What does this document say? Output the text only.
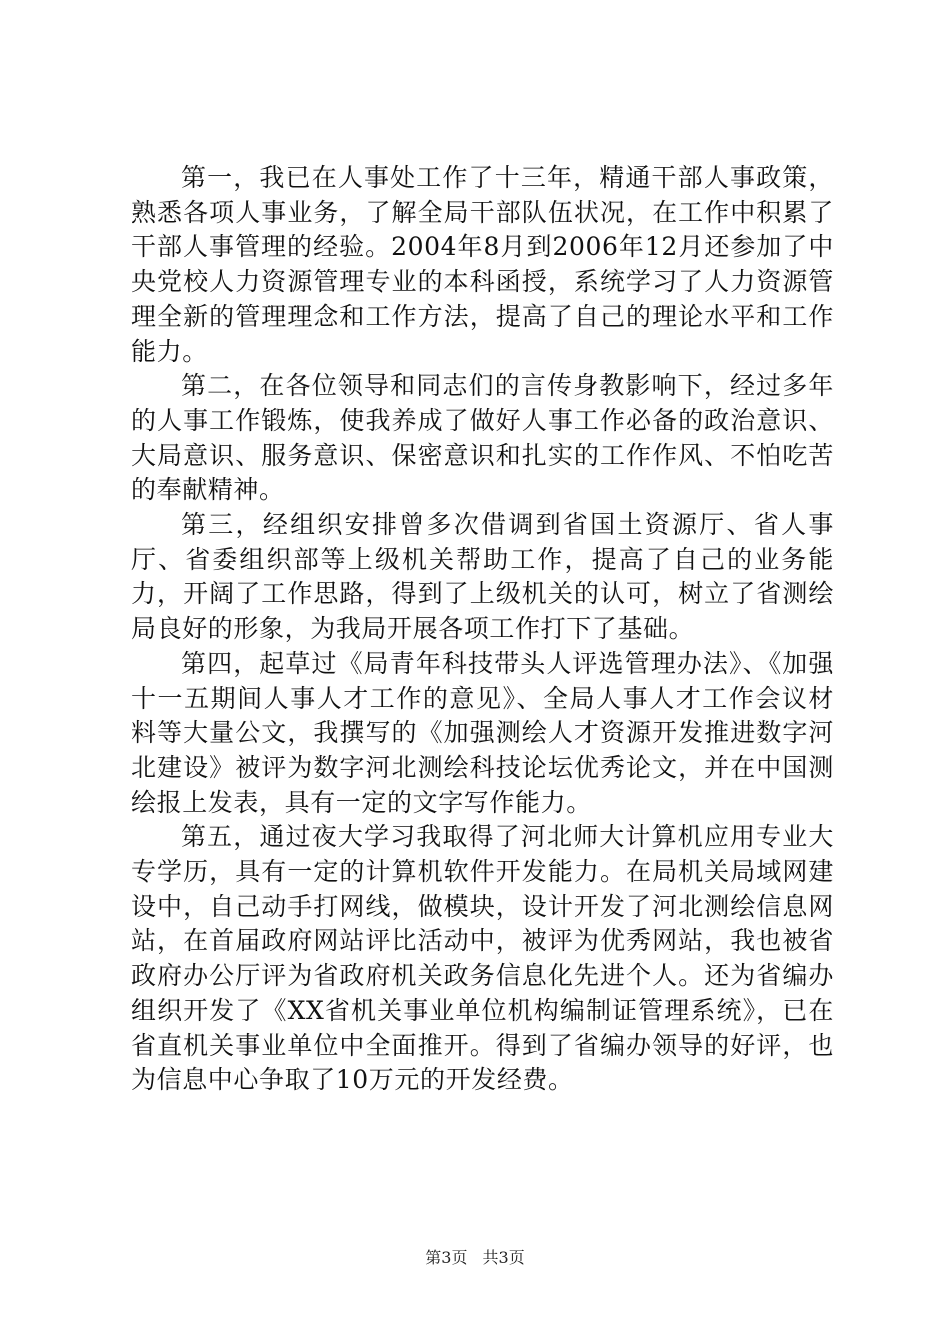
第一，我已在人事处工作了十三年，精通干部人事政策，熟悉各项人事业务，了解全局干部队伍状况，在工作中积累了干部人事管理的经验。2004年8月到2006年12月还参加了中央党校人力资源管理专业的本科函授，系统学习了人力资源管理全新的管理理念和工作方法，提高了自己的理论水平和工作能力。

第二，在各位领导和同志们的言传身教影响下，经过多年的人事工作锻炼，使我养成了做好人事工作必备的政治意识、大局意识、服务意识、保密意识和扎实的工作作风、不怕吃苦的奉献精神。

第三，经组织安排曾多次借调到省国土资源厅、省人事厅、省委组织部等上级机关帮助工作，提高了自己的业务能力，开阔了工作思路，得到了上级机关的认可，树立了省测绘局良好的形象，为我局开展各项工作打下了基础。

第四，起草过《局青年科技带头人评选管理办法》、《加强十一五期间人事人才工作的意见》、全局人事人才工作会议材料等大量公文，我撰写的《加强测绘人才资源开发推进数字河北建设》被评为数字河北测绘科技论坛优秀论文，并在中国测绘报上发表，具有一定的文字写作能力。

第五，通过夜大学习我取得了河北师大计算机应用专业大专学历，具有一定的计算机软件开发能力。在局机关局域网建设中，自己动手打网线，做模块，设计开发了河北测绘信息网站，在首届政府网站评比活动中，被评为优秀网站，我也被省政府办公厅评为省政府机关政务信息化先进个人。还为省编办组织开发了《XX省机关事业单位机构编制证管理系统》，已在省直机关事业单位中全面推开。得到了省编办领导的好评，也为信息中心争取了10万元的开发经费。

第3页 共3页
